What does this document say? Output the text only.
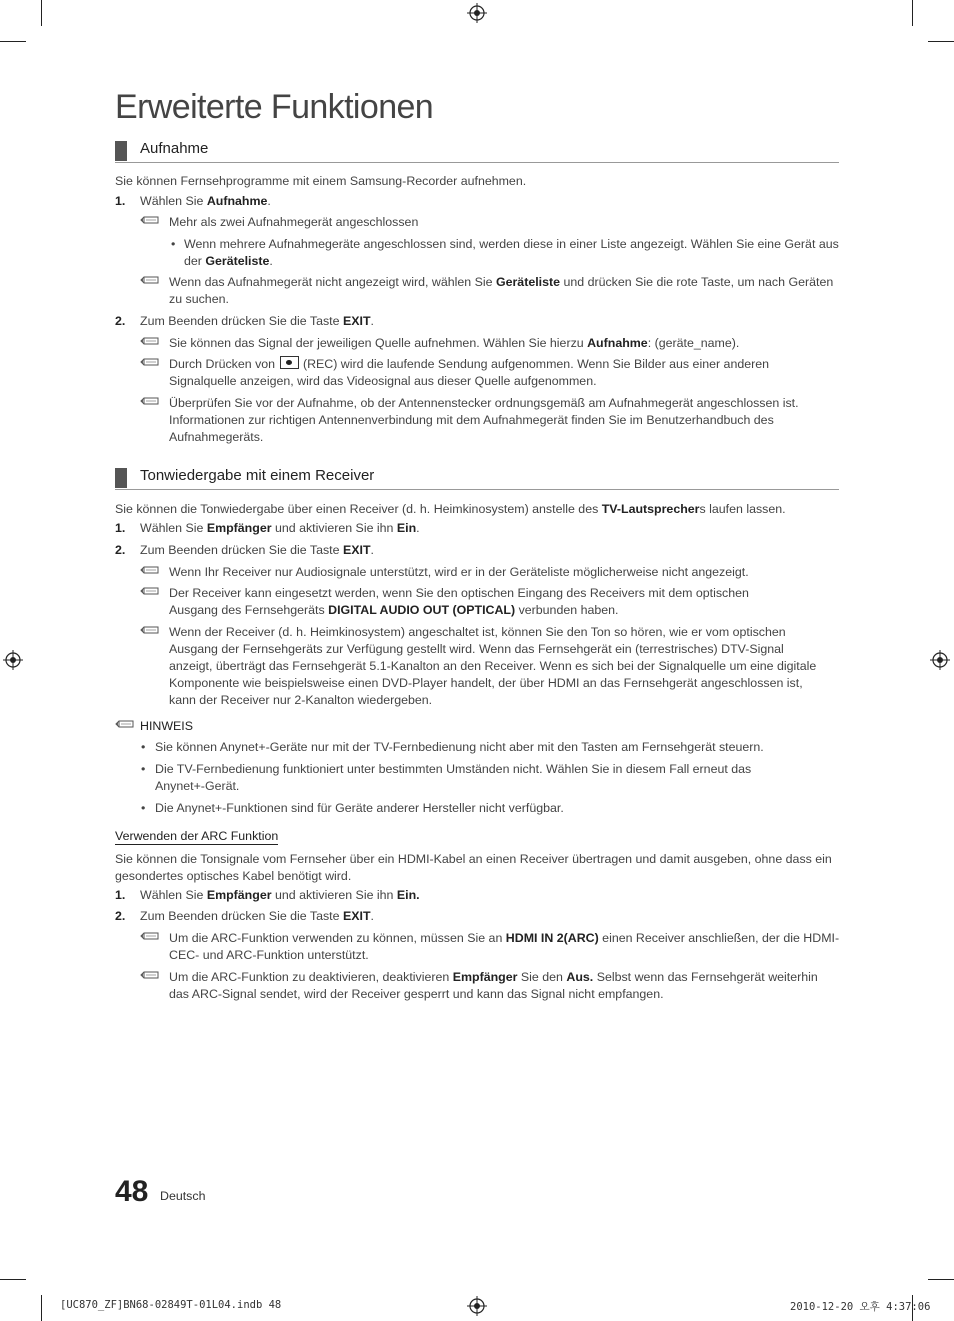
Erweiterte Funktionen
Aufnahme
Sie können Fernsehprogramme mit einem Samsung-Recorder aufnehmen.
1. Wählen Sie Aufnahme.
Mehr als zwei Aufnahmegerät angeschlossen
• Wenn mehrere Aufnahmegeräte angeschlossen sind, werden diese in einer Liste angezeigt. Wählen Sie eine Gerät aus der Geräteliste.
Wenn das Aufnahmegerät nicht angezeigt wird, wählen Sie Geräteliste und drücken Sie die rote Taste, um nach Geräten zu suchen.
2. Zum Beenden drücken Sie die Taste EXIT.
Sie können das Signal der jeweiligen Quelle aufnehmen. Wählen Sie hierzu Aufnahme: (geräte_name).
Durch Drücken von  (REC) wird die laufende Sendung aufgenommen. Wenn Sie Bilder aus einer anderen Signalquelle anzeigen, wird das Videosignal aus dieser Quelle aufgenommen.
Überprüfen Sie vor der Aufnahme, ob der Antennenstecker ordnungsgemäß am Aufnahmegerät angeschlossen ist. Informationen zur richtigen Antennenverbindung mit dem Aufnahmegerät finden Sie im Benutzerhandbuch des Aufnahmegeräts.
Tonwiedergabe mit einem Receiver
Sie können die Tonwiedergabe über einen Receiver (d. h. Heimkinosystem) anstelle des TV-Lautsprechers laufen lassen.
1. Wählen Sie Empfänger und aktivieren Sie ihn Ein.
2. Zum Beenden drücken Sie die Taste EXIT.
Wenn Ihr Receiver nur Audiosignale unterstützt, wird er in der Geräteliste möglicherweise nicht angezeigt.
Der Receiver kann eingesetzt werden, wenn Sie den optischen Eingang des Receivers mit dem optischen Ausgang des Fernsehgeräts DIGITAL AUDIO OUT (OPTICAL) verbunden haben.
Wenn der Receiver (d. h. Heimkinosystem) angeschaltet ist, können Sie den Ton so hören, wie er vom optischen Ausgang der Fernsehgeräts zur Verfügung gestellt wird. Wenn das Fernsehgerät ein (terrestrisches) DTV-Signal anzeigt, überträgt das Fernsehgerät 5.1-Kanalton an den Receiver. Wenn es sich bei der Signalquelle um eine digitale Komponente wie beispielsweise einen DVD-Player handelt, der über HDMI an das Fernsehgerät angeschlossen ist, kann der Receiver nur 2-Kanalton wiedergeben.
HINWEIS
• Sie können Anynet+-Geräte nur mit der TV-Fernbedienung nicht aber mit den Tasten am Fernsehgerät steuern.
• Die TV-Fernbedienung funktioniert unter bestimmten Umständen nicht. Wählen Sie in diesem Fall erneut das Anynet+-Gerät.
• Die Anynet+-Funktionen sind für Geräte anderer Hersteller nicht verfügbar.
Verwenden der ARC Funktion
Sie können die Tonsignale vom Fernseher über ein HDMI-Kabel an einen Receiver übertragen und damit ausgeben, ohne dass ein gesondertes optisches Kabel benötigt wird.
1. Wählen Sie Empfänger und aktivieren Sie ihn Ein.
2. Zum Beenden drücken Sie die Taste EXIT.
Um die ARC-Funktion verwenden zu können, müssen Sie an HDMI IN 2(ARC) einen Receiver anschließen, der die HDMI-CEC- und ARC-Funktion unterstützt.
Um die ARC-Funktion zu deaktivieren, deaktivieren Empfänger Sie den Aus. Selbst wenn das Fernsehgerät weiterhin das ARC-Signal sendet, wird der Receiver gesperrt und kann das Signal nicht empfangen.
48 Deutsch
[UC870_ZF]BN68-02849T-01L04.indb 48	2010-12-20 오후 4:37:06
